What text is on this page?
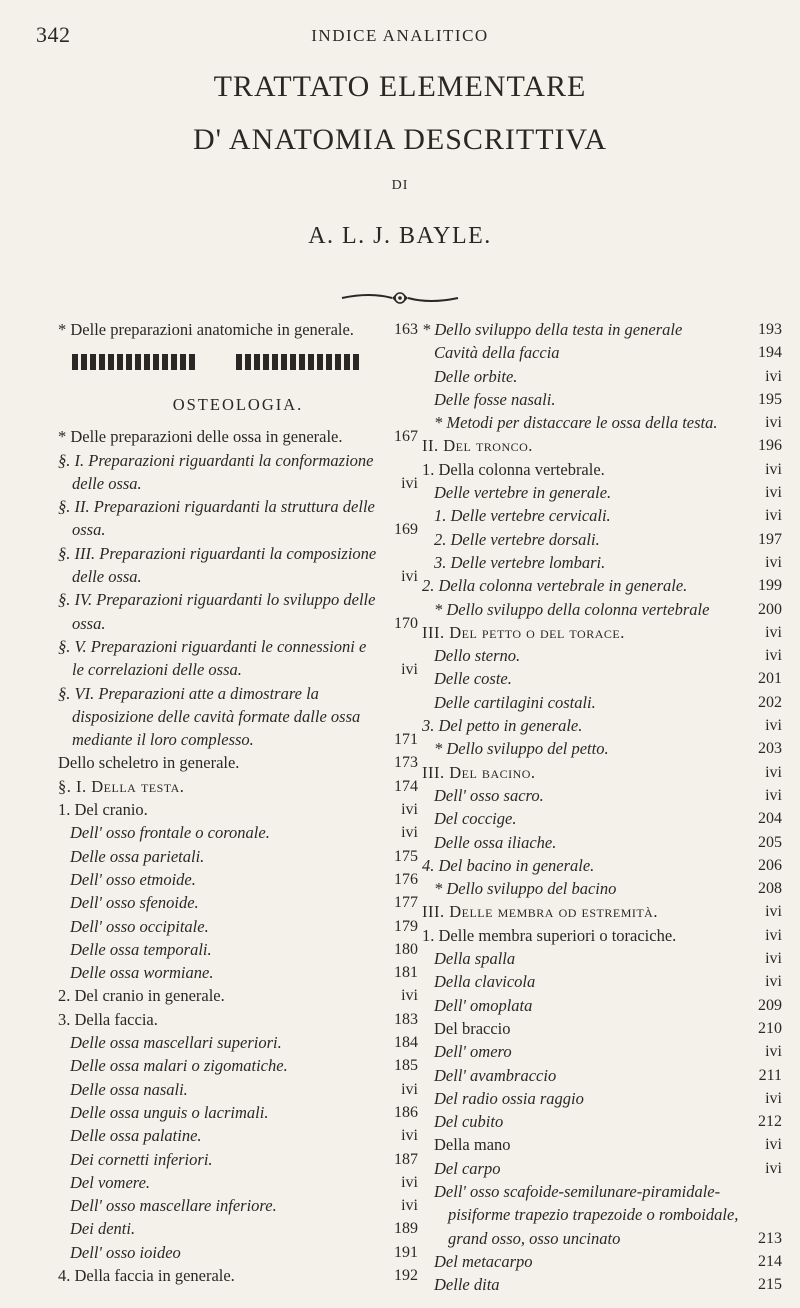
342	INDICE ANALITICO
TRATTATO ELEMENTARE
D' ANATOMIA DESCRITTIVA
DI
A. L. J. BAYLE.
* Delle preparazioni anatomiche in generale.	163
OSTEOLOGIA.
* Delle preparazioni delle ossa in generale.	167
§. I. Preparazioni riguardanti la conformazione delle ossa.	ivi
§. II. Preparazioni riguardanti la struttura delle ossa.	169
§. III. Preparazioni riguardanti la composizione delle ossa.	ivi
§. IV. Preparazioni riguardanti lo sviluppo delle ossa.	170
§. V. Preparazioni riguardanti le connessioni e le correlazioni delle ossa.	ivi
§. VI. Preparazioni atte a dimostrare la disposizione delle cavità formate dalle ossa mediante il loro complesso.	171
Dello scheletro in generale.	173
§. I. Della testa.	174
1. Del cranio.	ivi
Dell' osso frontale o coronale.	ivi
Delle ossa parietali.	175
Dell' osso etmoide.	176
Dell' osso sfenoide.	177
Dell' osso occipitale.	179
Delle ossa temporali.	180
Delle ossa wormiane.	181
2. Del cranio in generale.	ivi
3. Della faccia.	183
Delle ossa mascellari superiori.	184
Delle ossa malari o zigomatiche.	185
Delle ossa nasali.	ivi
Delle ossa unguis o lacrimali.	186
Delle ossa palatine.	ivi
Dei cornetti inferiori.	187
Del vomere.	ivi
Dell' osso mascellare inferiore.	ivi
Dei denti.	189
Dell' osso ioideo	191
4. Della faccia in generale.	192
* Dello sviluppo della testa in generale	193
Cavità della faccia	194
Delle orbite.	ivi
Delle fosse nasali.	195
* Metodi per distaccare le ossa della testa.	ivi
II. Del tronco.	196
1. Della colonna vertebrale.	ivi
Delle vertebre in generale.	ivi
1. Delle vertebre cervicali.	ivi
2. Delle vertebre dorsali.	197
3. Delle vertebre lombari.	ivi
2. Della colonna vertebrale in generale.	199
* Dello sviluppo della colonna vertebrale	200
III. Del petto o del torace.	ivi
Dello sterno.	ivi
Delle coste.	201
Delle cartilagini costali.	202
3. Del petto in generale.	ivi
* Dello sviluppo del petto.	203
III. Del bacino.	ivi
Dell' osso sacro.	ivi
Del coccige.	204
Delle ossa iliache.	205
4. Del bacino in generale.	206
* Dello sviluppo del bacino	208
III. Delle membra od estremità.	ivi
1. Delle membra superiori o toraciche.	ivi
Della spalla	ivi
Della clavicola	ivi
Dell' omoplata	209
Del braccio	210
Dell' omero	ivi
Dell' avambraccio	211
Del radio ossia raggio	ivi
Del cubito	212
Della mano	ivi
Del carpo	ivi
Dell' osso scafoide-semilunare-piramidale-pisiforme trapezio trapezoide o romboidale, grand osso, osso uncinato	213
Del metacarpo	214
Delle dita	215
